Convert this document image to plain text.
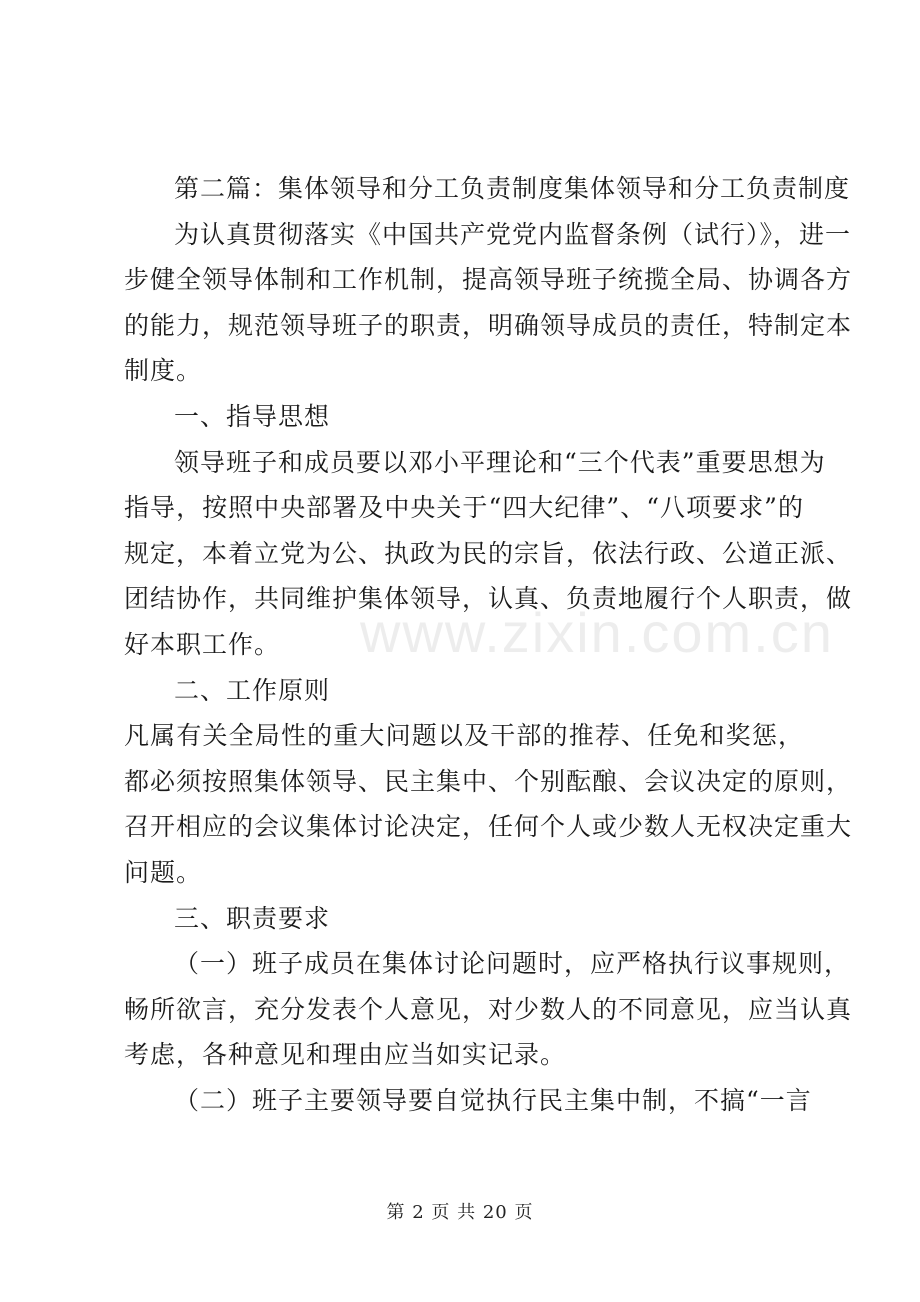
第二篇：集体领导和分工负责制度集体领导和分工负责制度
为认真贯彻落实《中国共产党党内监督条例（试行）》，进一
步健全领导体制和工作机制，提高领导班子统揽全局、协调各方
的能力，规范领导班子的职责，明确领导成员的责任，特制定本
制度。
一、指导思想
领导班子和成员要以邓小平理论和“三个代表”重要思想为
指导，按照中央部署及中央关于“四大纪律”、“八项要求”的
规定，本着立党为公、执政为民的宗旨，依法行政、公道正派、
团结协作，共同维护集体领导，认真、负责地履行个人职责，做
好本职工作。
二、工作原则
凡属有关全局性的重大问题以及干部的推荐、任免和奖惩，
都必须按照集体领导、民主集中、个别酝酿、会议决定的原则，
召开相应的会议集体讨论决定，任何个人或少数人无权决定重大
问题。
三、职责要求
（一）班子成员在集体讨论问题时，应严格执行议事规则，
畅所欲言，充分发表个人意见，对少数人的不同意见，应当认真
考虑，各种意见和理由应当如实记录。
（二）班子主要领导要自觉执行民主集中制，不搞“一言
www.zixin.com.cn
第 2 页 共 20 页
